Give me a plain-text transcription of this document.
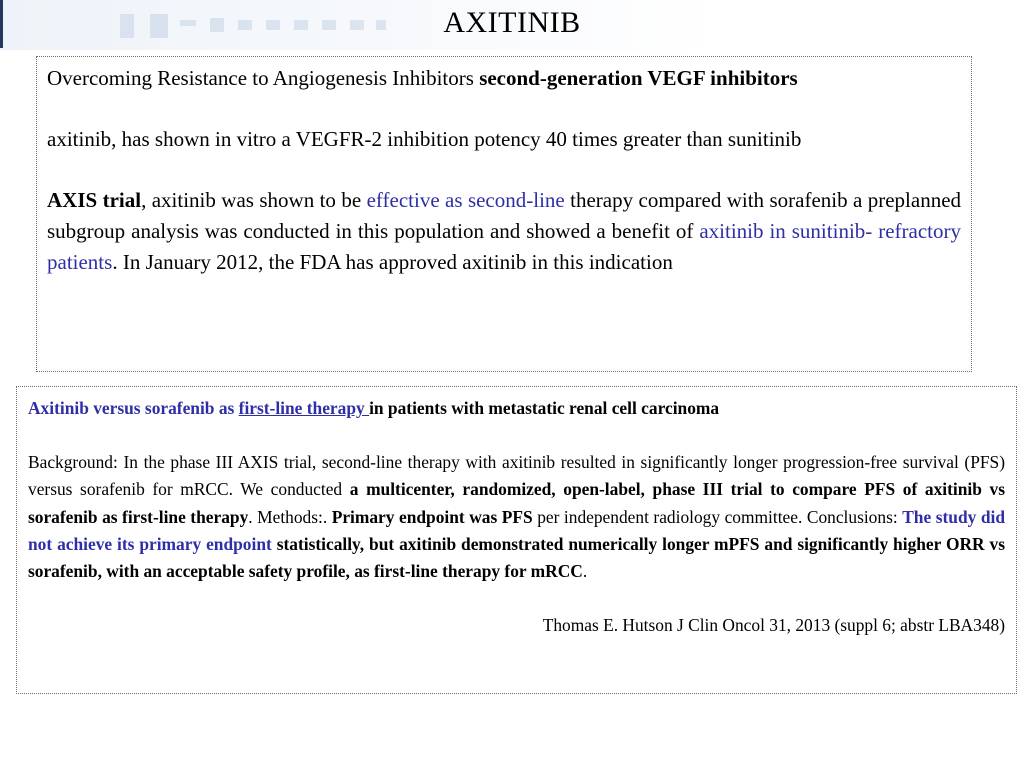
AXITINIB

Overcoming Resistance to Angiogenesis Inhibitors second-generation VEGF inhibitors

axitinib, has shown in vitro a VEGFR-2 inhibition potency 40 times greater than sunitinib

AXIS trial, axitinib was shown to be effective as second-line therapy compared with sorafenib a preplanned subgroup analysis was conducted in this population and showed a benefit of axitinib in sunitinib- refractory patients. In January 2012, the FDA has approved axitinib in this indication

Axitinib versus sorafenib as first-line therapy in patients with metastatic renal cell carcinoma

Background: In the phase III AXIS trial, second-line therapy with axitinib resulted in significantly longer progression-free survival (PFS) versus sorafenib for mRCC. We conducted a multicenter, randomized, open-label, phase III trial to compare PFS of axitinib vs sorafenib as first-line therapy. Methods:. Primary endpoint was PFS per independent radiology committee. Conclusions: The study did not achieve its primary endpoint statistically, but axitinib demonstrated numerically longer mPFS and significantly higher ORR vs sorafenib, with an acceptable safety profile, as first-line therapy for mRCC.

Thomas E. Hutson J Clin Oncol 31, 2013 (suppl 6; abstr LBA348)
